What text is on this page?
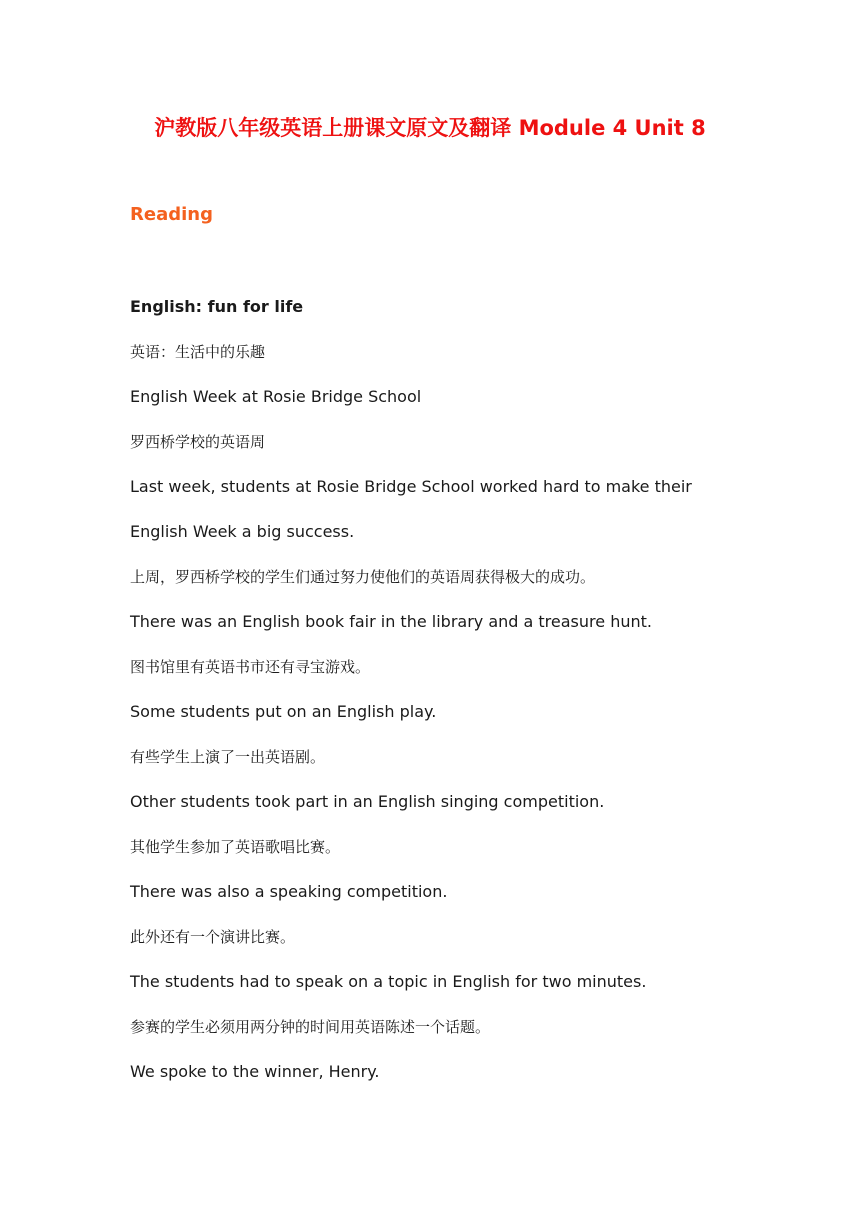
沪教版八年级英语上册课文原文及翻译 Module 4 Unit 8
Reading
English: fun for life
英语：生活中的乐趣
English Week at Rosie Bridge School
罗西桥学校的英语周
Last week, students at Rosie Bridge School worked hard to make their
English Week a big success.
上周，罗西桥学校的学生们通过努力使他们的英语周获得极大的成功。
There was an English book fair in the library and a treasure hunt.
图书馆里有英语书市还有寻宝游戏。
Some students put on an English play.
有些学生上演了一出英语剧。
Other students took part in an English singing competition.
其他学生参加了英语歌唱比赛。
There was also a speaking competition.
此外还有一个演讲比赛。
The students had to speak on a topic in English for two minutes.
参赛的学生必须用两分钟的时间用英语陈述一个话题。
We spoke to the winner, Henry.
